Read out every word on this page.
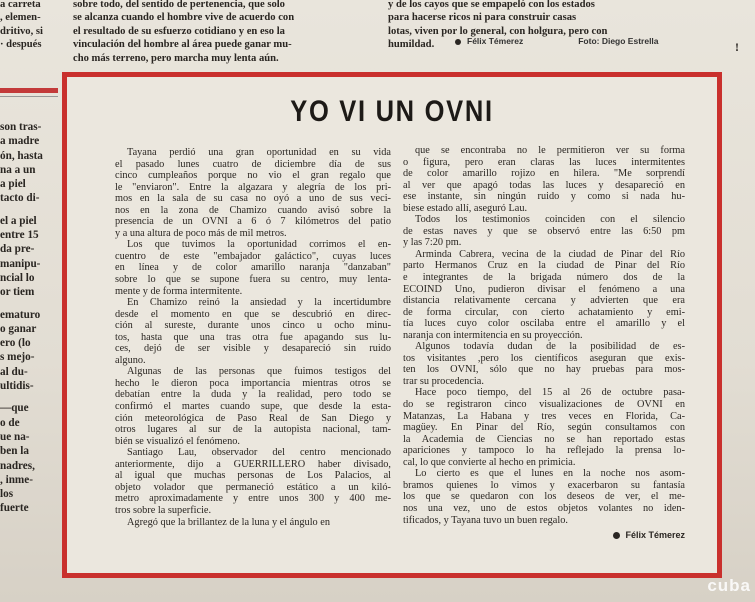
a carreta
, elemen-
dritivo, si
· después
sobre todo, del sentido de pertenencia, que solo
se alcanza cuando el hombre vive de acuerdo con
el resultado de su esfuerzo cotidiano y en eso la
vinculación del hombre al área puede ganar mu-
cho más terreno, pero marcha muy lenta aún.
y de los cayos que se empapeló con los estados
para hacerse ricos ni para construir casas
lotas, viven por lo general, con holgura, pero con
humildad.	Félix Témerez	Foto: Diego Estrella	!
son tras-
a madre
ón, hasta
na a un
a piel
tacto di-
el a piel
entre 15
da pre-
manipu-
ncial lo
or tiem
ematuro
o ganar
ero (lo
s mejo-
al du-
ultidis-
—que
o de
ue na-
ben la
nadres,
, inme-
los
fuerte
YO VI UN OVNI

Tayana perdió una gran oportunidad en su vida
el pasado lunes cuatro de diciembre día de sus
cinco cumpleaños porque no vio el gran regalo que
le "enviaron". Entre la algazara y alegría de los pri-
mos en la sala de su casa no oyó a uno de sus veci-
nos en la zona de Chamizo cuando avisó sobre la
presencia de un OVNI a 6 ó 7 kilómetros del patio
y a una altura de poco más de mil metros.

Los que tuvimos la oportunidad corrimos el en-
cuentro de este "embajador galáctico", cuyas luces
en línea y de color amarillo naranja "danzaban"
sobre lo que se supone fuera su centro, muy lenta-
mente y de forma intermitente.

En Chamizo reinó la ansiedad y la incertidumbre
desde el momento en que se descubrió en direc-
ción al sureste, durante unos cinco u ocho minu-
tos, hasta que una tras otra fue apagando sus lu-
ces, dejó de ser visible y desapareció sin ruido
alguno.

Algunas de las personas que fuimos testigos del
hecho le dieron poca importancia mientras otros se
debatían entre la duda y la realidad, pero todo se
confirmó el martes cuando supe, que desde la esta-
ción meteorológica de Paso Real de San Diego y
otros lugares al sur de la autopista nacional, tam-
bién se visualizó el fenómeno.

Santiago Lau, observador del centro mencionado
anteriormente, dijo a GUERRILLERO haber divisado,
al igual que muchas personas de Los Palacios, al
objeto volador que permaneció estático a un kiló-
metro aproximadamente y entre unos 300 y 400 me-
tros sobre la superficie.

Agregó que la brillantez de la luna y el ángulo en

que se encontraba no le permitieron ver su forma
o figura, pero eran claras las luces intermitentes
de color amarillo rojizo en hilera. "Me sorprendí
al ver que apagó todas las luces y desapareció en
ese instante, sin ningún ruido y como si nada hu-
biese estado allí, aseguró Lau.

Todos los testimonios coinciden con el silencio
de estas naves y que se observó entre las 6:50 pm
y las 7:20 pm.

Arminda Cabrera, vecina de la ciudad de Pinar del Río
parto Hermanos Cruz en la ciudad de Pinar del Río
e integrantes de la brigada número dos de la
ECOIND Uno, pudieron divisar el fenómeno a una
distancia relativamente cercana y advierten que era
de forma circular, con cierto achatamiento y emi-
tía luces cuyo color oscilaba entre el amarillo y el
naranja con intermitencia en su proyección.

Algunos todavía dudan de la posibilidad de es-
tos visitantes ,pero los científicos aseguran que exis-
ten los OVNI, sólo que no hay pruebas para mos-
trar su procedencia.

Hace poco tiempo, del 15 al 26 de octubre pasa-
do se registraron cinco visualizaciones de OVNI en
Matanzas, La Habana y tres veces en Florida, Ca-
magüey. En Pinar del Río, según consultamos con
la Academia de Ciencias no se han reportado estas
apariciones y tampoco lo ha reflejado la prensa lo-
cal, lo que convierte al hecho en primicia.

Lo cierto es que el lunes en la noche nos asom-
bramos quienes lo vimos y exacerbaron su fantasía
los que se quedaron con los deseos de ver, el me-
nos una vez, uno de estos objetos volantes no iden-
tificados, y Tayana tuvo un buen regalo.

Félix Témerez
cuba
